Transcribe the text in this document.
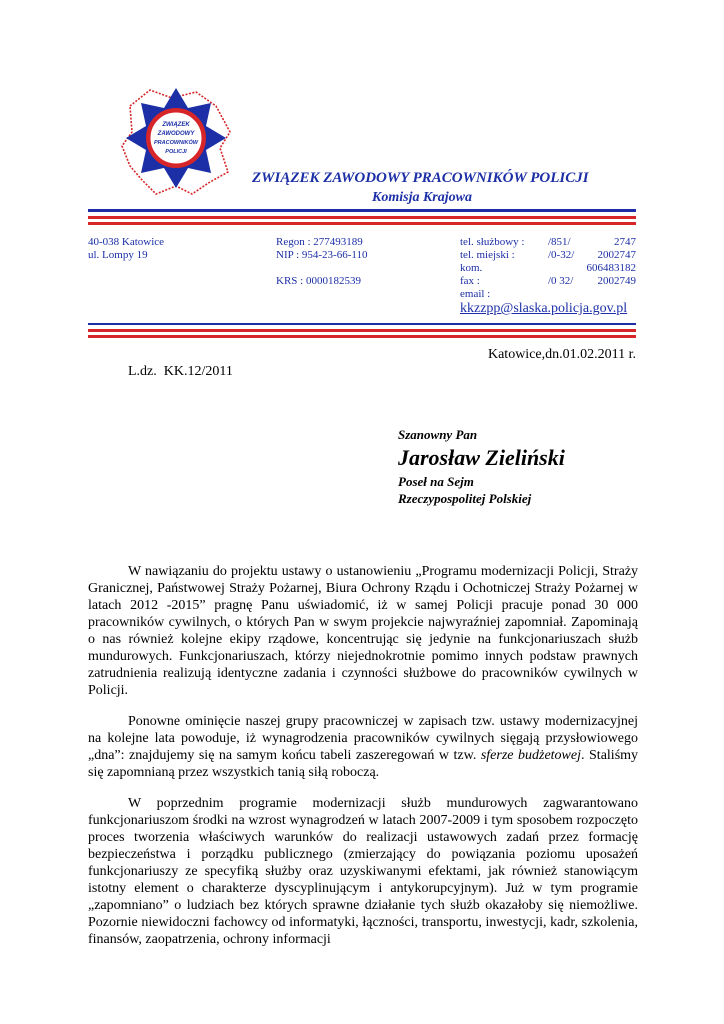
ZWIĄZEK
ZAWODOWY
PRACOWNIKÓW
POLICJI
ZWIĄZEK ZAWODOWY PRACOWNIKÓW POLICJI
Komisja Krajowa
40-038 Katowice
ul. Lompy 19
Regon : 277493189
NIP : 954-23-66-110
KRS : 0000182539
tel. służbowy :
tel. miejski :
kom.
fax :
email :
/851/
/0-32/
/0 32/
2747
2002747
606483182
2002749
kkzzpp@slaska.policja.gov.pl
Katowice,dn.01.02.2011 r.
L.dz.  KK.12/2011
Szanowny Pan
Jarosław Zieliński
Poseł na Sejm
Rzeczypospolitej Polskiej

W nawiązaniu do projektu ustawy o ustanowieniu „Programu modernizacji Policji, Straży Granicznej, Państwowej Straży Pożarnej, Biura Ochrony Rządu i Ochotniczej Straży Pożarnej w latach 2012 -2015” pragnę Panu uświadomić, iż w samej Policji pracuje ponad 30 000 pracowników cywilnych, o których Pan w swym projekcie najwyraźniej zapomniał. Zapominają o nas również kolejne ekipy rządowe, koncentrując się jedynie na funkcjonariuszach służb mundurowych. Funkcjonariuszach, którzy niejednokrotnie pomimo innych podstaw prawnych zatrudnienia realizują identyczne zadania i czynności służbowe do pracowników cywilnych w Policji.

Ponowne ominięcie naszej grupy pracowniczej w zapisach tzw. ustawy modernizacyjnej na kolejne lata powoduje, iż wynagrodzenia pracowników cywilnych sięgają przysłowiowego „dna”: znajdujemy się na samym końcu tabeli zaszeregowań w tzw. sferze budżetowej. Staliśmy się zapomnianą przez wszystkich tanią siłą roboczą.

W poprzednim programie modernizacji służb mundurowych zagwarantowano funkcjonariuszom środki na wzrost wynagrodzeń w latach 2007-2009 i tym sposobem rozpoczęto proces tworzenia właściwych warunków do realizacji ustawowych zadań przez formację bezpieczeństwa i porządku publicznego (zmierzający do powiązania poziomu uposażeń funkcjonariuszy ze specyfiką służby oraz uzyskiwanymi efektami, jak również stanowiącym istotny element o charakterze dyscyplinującym i antykorupcyjnym). Już w tym programie „zapomniano” o ludziach bez których sprawne działanie tych służb okazałoby się niemożliwe. Pozornie niewidoczni fachowcy od informatyki, łączności, transportu, inwestycji, kadr, szkolenia, finansów, zaopatrzenia, ochrony informacji
